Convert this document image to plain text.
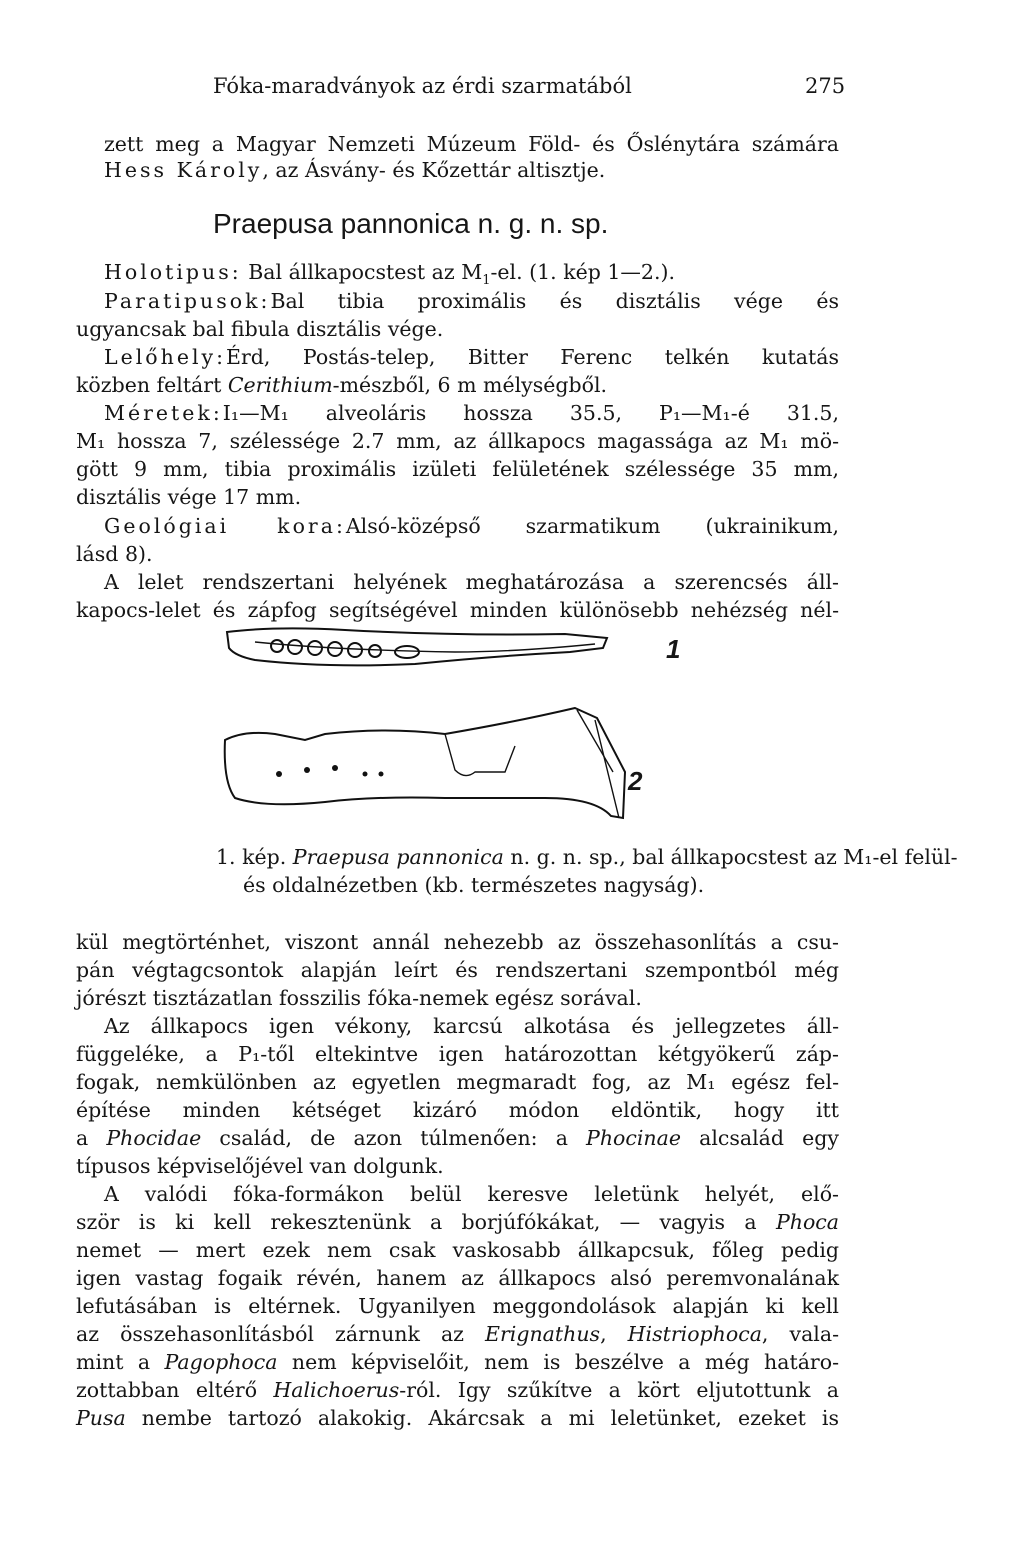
Fóka-maradványok az érdi szarmatából	275
zett meg a Magyar Nemzeti Múzeum Föld- és Őslénytára számára
Hess Károly, az Ásvány- és Kőzettár altisztje.
Praepusa pannonica n. g. n. sp.
Holotipus: Bal állkapocstest az $M_1-el$. (1. kép 1—2.).
Paratipusok:Bal tibia proximális és disztális vége és
ugyancsak bal fibula disztális vége.
Lelőhely:Érd, Postás-telep, Bitter Ferenc telkén kutatás
közben feltárt Cerithium-mészből, 6 m mélységből.
Méretek:I₁—M₁ alveoláris hossza 35.5, P₁—M₁-é 31.5,
M₁ hossza 7, szélessége 2.7 mm, az állkapocs magassága az M₁ mö-
gött 9 mm, tibia proximális izületi felületének szélessége 35 mm,
disztális vége 17 mm.
Geológiai kora:Alsó-középső szarmatikum (ukrainikum,
lásd 8).
A lelet rendszertani helyének meghatározása a szerencsés áll-
kapocs-lelet és zápfog segítségével minden különösebb nehézség nél-
1
2
1. kép. Praepusa pannonica n. g. n. sp., bal állkapocstest az M₁-el felül-
és oldalnézetben (kb. természetes nagyság).
kül megtörténhet, viszont annál nehezebb az összehasonlítás a csu-
pán végtagcsontok alapján leírt és rendszertani szempontból még
jórészt tisztázatlan fosszilis fóka-nemek egész sorával.
Az állkapocs igen vékony, karcsú alkotása és jellegzetes áll-
függeléke, a P₁-től eltekintve igen határozottan kétgyökerű záp-
fogak, nemkülönben az egyetlen megmaradt fog, az M₁ egész fel-
építése minden kétséget kizáró módon eldöntik, hogy itt
a Phocidae család, de azon túlmenően: a Phocinae alcsalád egy
típusos képviselőjével van dolgunk.
A valódi fóka-formákon belül keresve leletünk helyét, elő-
ször is ki kell rekesztenünk a borjúfókákat, — vagyis a Phoca
nemet — mert ezek nem csak vaskosabb állkapcsuk, főleg pedig
igen vastag fogaik révén, hanem az állkapocs alsó peremvonalának
lefutásában is eltérnek. Ugyanilyen meggondolások alapján ki kell
az összehasonlításból zárnunk az Erignathus, Histriophoca, vala-
mint a Pagophoca nem képviselőit, nem is beszélve a még határo-
zottabban eltérő Halichoerus-ról. Igy szűkítve a kört eljutottunk a
Pusa nembe tartozó alakokig. Akárcsak a mi leletünket, ezeket is
